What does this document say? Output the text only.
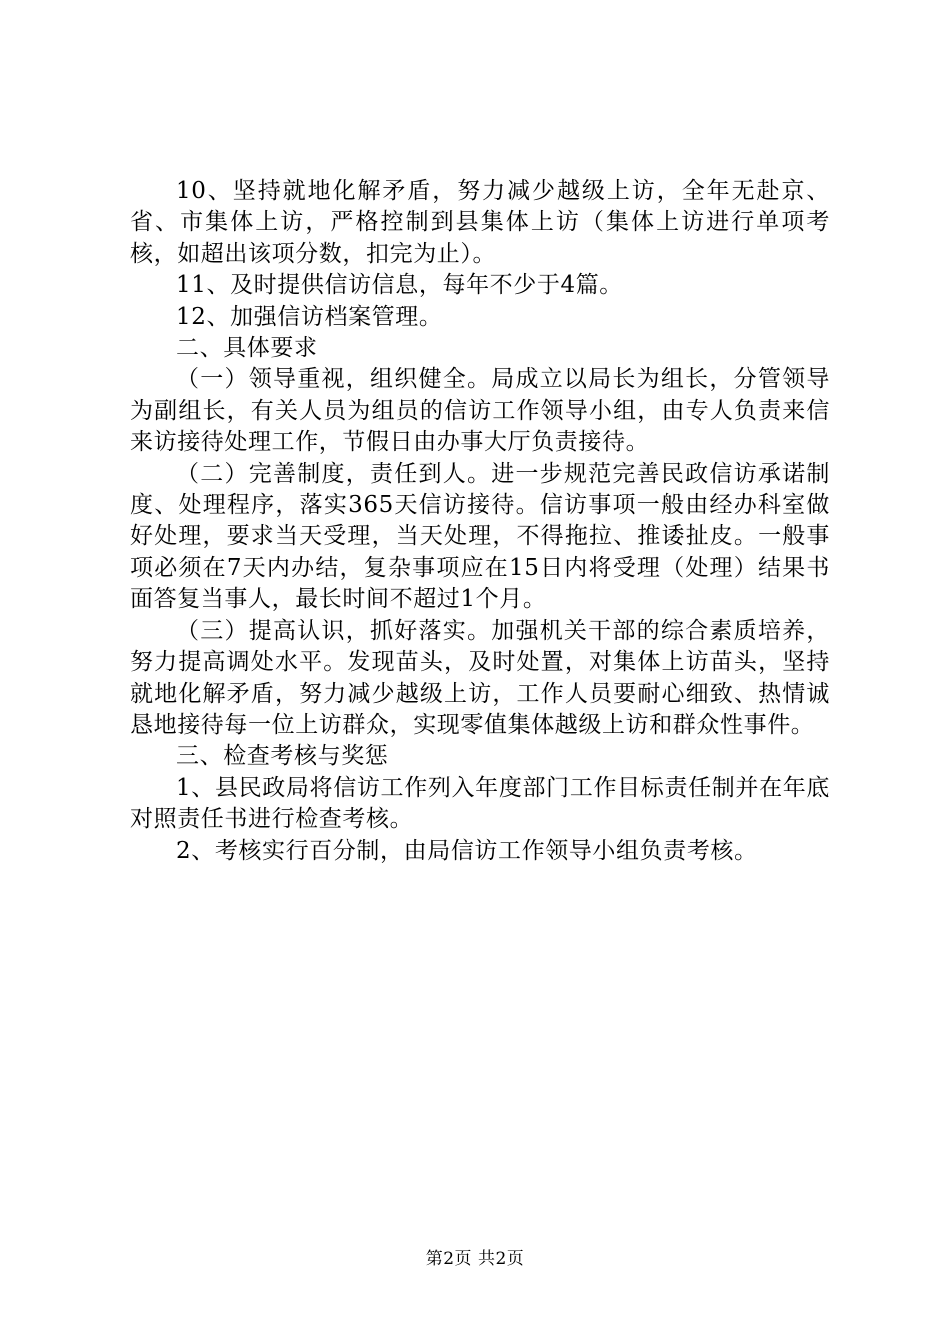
10、坚持就地化解矛盾，努力减少越级上访，全年无赴京、省、市集体上访，严格控制到县集体上访（集体上访进行单项考核，如超出该项分数，扣完为止）。

11、及时提供信访信息，每年不少于4篇。

12、加强信访档案管理。

二、具体要求

（一）领导重视，组织健全。局成立以局长为组长，分管领导为副组长，有关人员为组员的信访工作领导小组，由专人负责来信来访接待处理工作，节假日由办事大厅负责接待。

（二）完善制度，责任到人。进一步规范完善民政信访承诺制度、处理程序，落实365天信访接待。信访事项一般由经办科室做好处理，要求当天受理，当天处理，不得拖拉、推诿扯皮。一般事项必须在7天内办结，复杂事项应在15日内将受理（处理）结果书面答复当事人，最长时间不超过1个月。

（三）提高认识，抓好落实。加强机关干部的综合素质培养，努力提高调处水平。发现苗头，及时处置，对集体上访苗头，坚持就地化解矛盾，努力减少越级上访，工作人员要耐心细致、热情诚恳地接待每一位上访群众，实现零值集体越级上访和群众性事件。

三、检查考核与奖惩

1、县民政局将信访工作列入年度部门工作目标责任制并在年底对照责任书进行检查考核。

2、考核实行百分制，由局信访工作领导小组负责考核。

第2页 共2页
